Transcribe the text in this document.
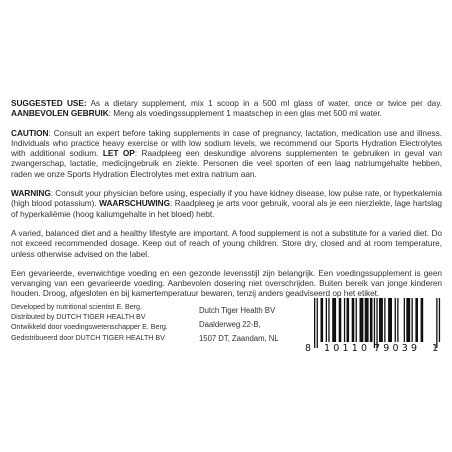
SUGGESTED USE: As a dietary supplement, mix 1 scoop in a 500 ml glass of water, once or twice per day. AANBEVOLEN GEBRUIK: Meng als voedingssupplement 1 maatschep in een glas met 500 ml water.

CAUTION: Consult an expert before taking supplements in case of pregnancy, lactation, medication use and illness. Individuals who practice heavy exercise or with low sodium levels, we recommend our Sports Hydration Electrolytes with additional sodium. LET OP: Raadpleeg een deskundige alvorens supplementen te gebruiken in geval van zwangerschap, lactatie, medicijngebruik en ziekte. Personen die veel sporten of een laag natriumgehalte hebben, raden we onze Sports Hydration Electrolytes met extra natrium aan.

WARNING: Consult your physician before using, especially if you have kidney disease, low pulse rate, or hyperkalemia (high blood potassium). WAARSCHUWING: Raadpleeg je arts voor gebruik, vooral als je een nierziekte, lage hartslag of hyperkaliëmie (hoog kaliumgehalte in het bloed) hebt.

A varied, balanced diet and a healthy lifestyle are important. A food supplement is not a substitute for a varied diet. Do not exceed recommended dosage. Keep out of reach of young children. Store dry, closed and at room temperature, unless otherwise advised on the label.

Een gevarieerde, evenwichtige voeding en een gezonde levensstijl zijn belangrijk. Een voedingssupplement is geen vervanging van een gevarieerde voeding. Aanbevolen dosering niet overschrijden. Buiten bereik van jonge kinderen houden. Droog, afgesloten en bij kamertemperatuur bewaren, tenzij anders geadviseerd op het etiket.

Developed by nutritional scientist E. Berg.
Distributed by DUTCH TIGER HEALTH BV
Ontwikkeld door voedingswetenschapper E. Berg.
Gedistribueerd door DUTCH TIGER HEALTH BV
Dutch Tiger Health BV
Daalderweg 22-B,
1507 DT, Zaandam, NL
8 10110 79039 1
